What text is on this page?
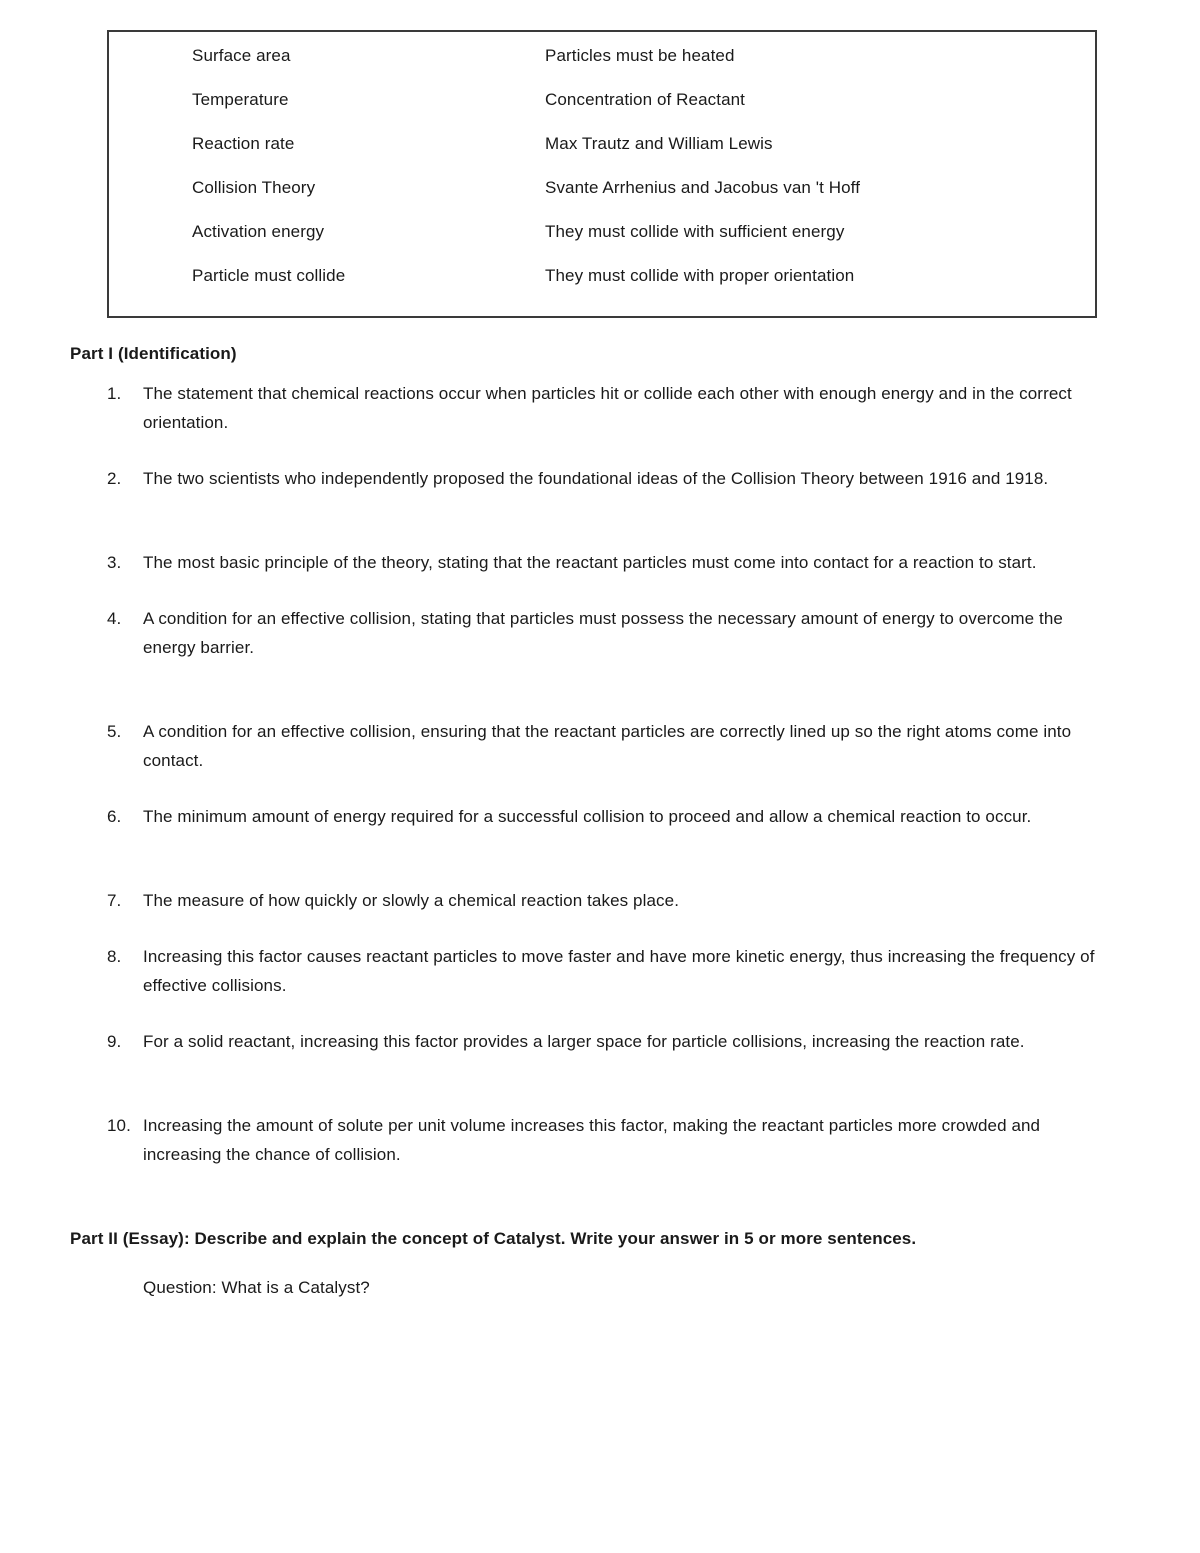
Surface area	Particles must be heated
Temperature	Concentration of Reactant
Reaction rate	Max Trautz and William Lewis
Collision Theory	Svante Arrhenius and Jacobus van 't Hoff
Activation energy	They must collide with sufficient energy
Particle must collide	They must collide with proper orientation
Part I (Identification)
1. The statement that chemical reactions occur when particles hit or collide each other with enough energy and in the correct orientation.
2. The two scientists who independently proposed the foundational ideas of the Collision Theory between 1916 and 1918.
3. The most basic principle of the theory, stating that the reactant particles must come into contact for a reaction to start.
4. A condition for an effective collision, stating that particles must possess the necessary amount of energy to overcome the energy barrier.
5. A condition for an effective collision, ensuring that the reactant particles are correctly lined up so the right atoms come into contact.
6. The minimum amount of energy required for a successful collision to proceed and allow a chemical reaction to occur.
7. The measure of how quickly or slowly a chemical reaction takes place.
8. Increasing this factor causes reactant particles to move faster and have more kinetic energy, thus increasing the frequency of effective collisions.
9. For a solid reactant, increasing this factor provides a larger space for particle collisions, increasing the reaction rate.
10. Increasing the amount of solute per unit volume increases this factor, making the reactant particles more crowded and increasing the chance of collision.
Part II (Essay): Describe and explain the concept of Catalyst. Write your answer in 5 or more sentences.
Question: What is a Catalyst?
